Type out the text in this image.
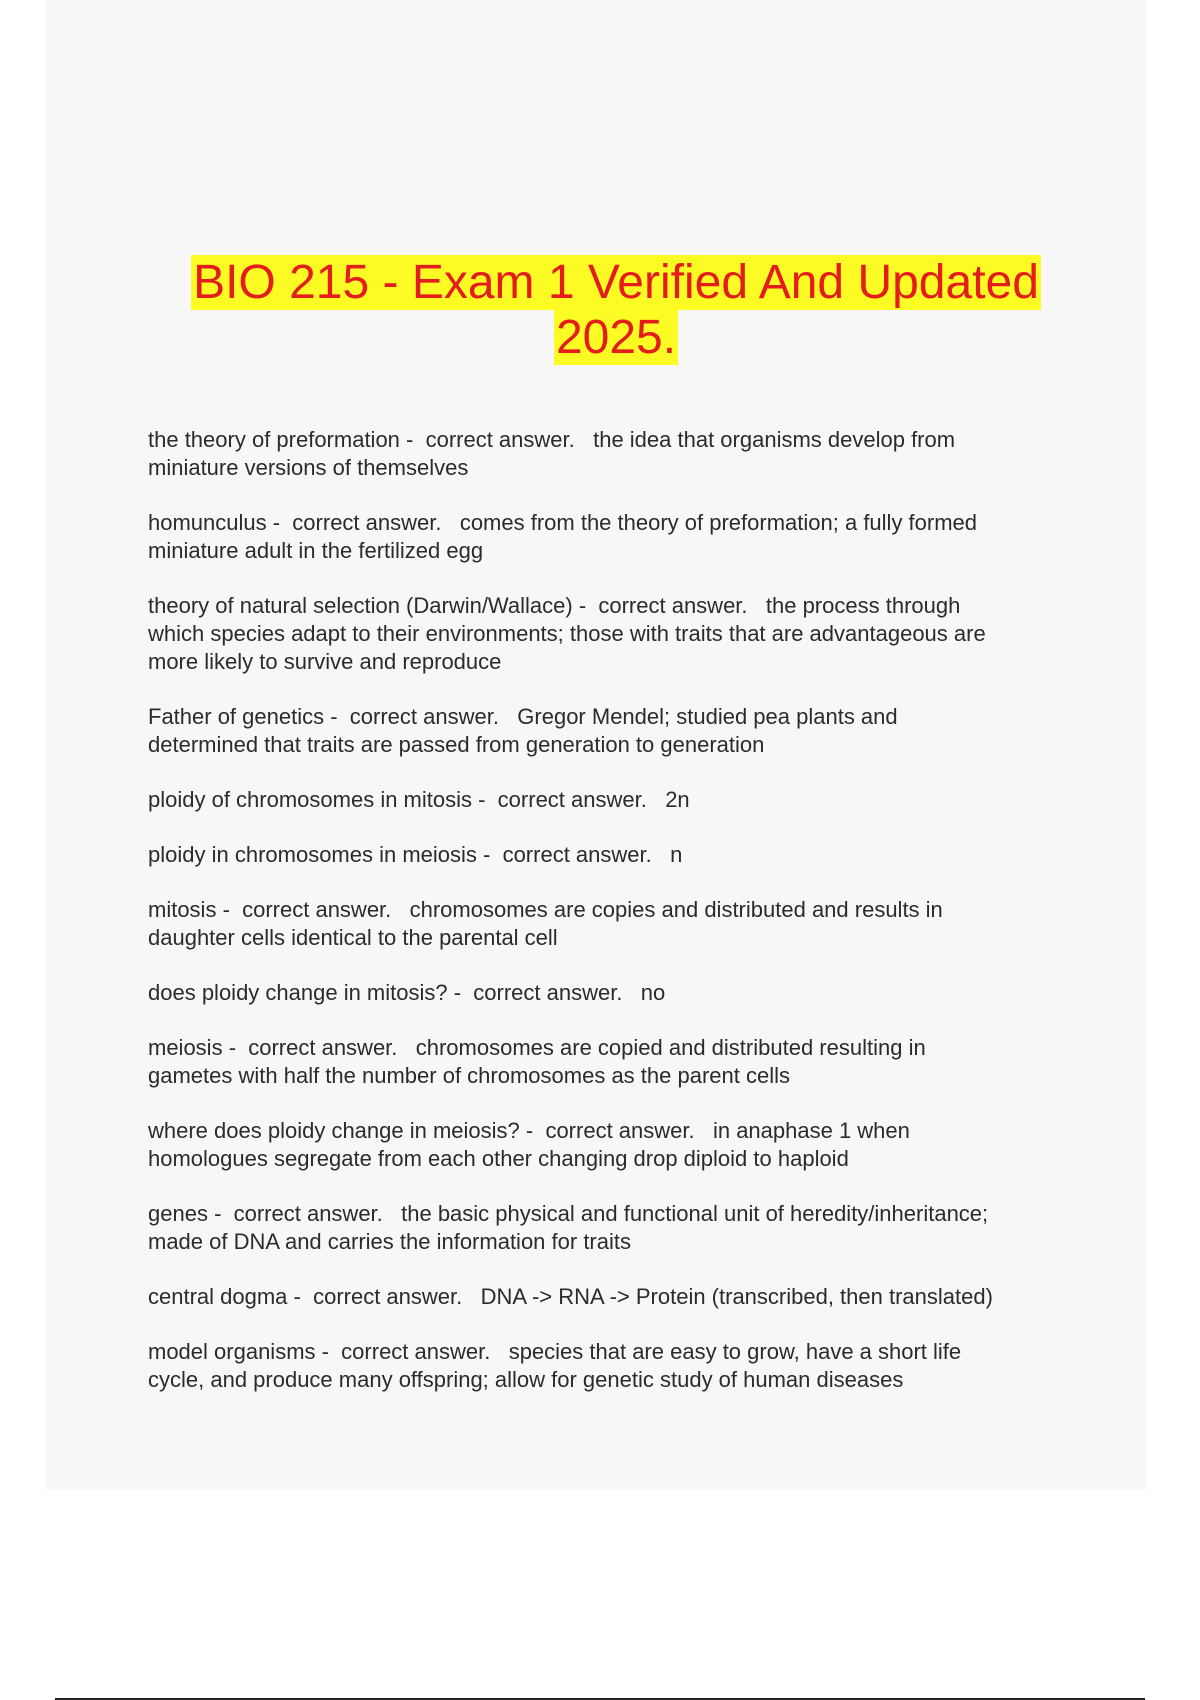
BIO 215 - Exam 1 Verified And Updated
2025.
the theory of preformation -  correct answer.   the idea that organisms develop from
miniature versions of themselves
homunculus -  correct answer.   comes from the theory of preformation; a fully formed
miniature adult in the fertilized egg
theory of natural selection (Darwin/Wallace) -  correct answer.   the process through
which species adapt to their environments; those with traits that are advantageous are
more likely to survive and reproduce
Father of genetics -  correct answer.   Gregor Mendel; studied pea plants and
determined that traits are passed from generation to generation
ploidy of chromosomes in mitosis -  correct answer.   2n
ploidy in chromosomes in meiosis -  correct answer.   n
mitosis -  correct answer.   chromosomes are copies and distributed and results in
daughter cells identical to the parental cell
does ploidy change in mitosis? -  correct answer.   no
meiosis -  correct answer.   chromosomes are copied and distributed resulting in
gametes with half the number of chromosomes as the parent cells
where does ploidy change in meiosis? -  correct answer.   in anaphase 1 when
homologues segregate from each other changing drop diploid to haploid
genes -  correct answer.   the basic physical and functional unit of heredity/inheritance;
made of DNA and carries the information for traits
central dogma -  correct answer.   DNA -> RNA -> Protein (transcribed, then translated)
model organisms -  correct answer.   species that are easy to grow, have a short life
cycle, and produce many offspring; allow for genetic study of human diseases
